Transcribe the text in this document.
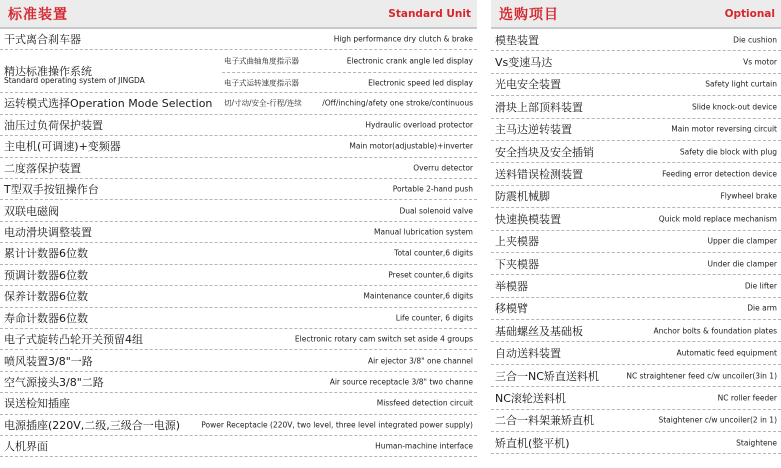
标准装置	Standard Unit
干式离合刹车器	High performance dry clutch & brake
精达标准操作系统
Standard operating system of JINGDA
电子式曲轴角度指示器	Electronic crank angle led display
电子式运转速度指示器	Electronic speed led display
运转模式选择Operation Mode Selection 切/寸动/安全-行程/连续	/Off/inching/afety one stroke/continuous
油压过负荷保护装置	Hydraulic overload protector
主电机(可调速)+变频器	Main motor(adjustable)+inverter
二度落保护装置	Overru detector
T型双手按钮操作台	Portable 2-hand push
双联电磁阀	Dual solenoid valve
电动滑块调整装置	Manual lubrication system
累计计数器6位数	Total counter,6 digits
预调计数器6位数	Preset counter,6 digits
保养计数器6位数	Maintenance counter,6 digits
寿命计数器6位数	Life counter, 6 digits
电子式旋转凸轮开关预留4组	Electronic rotary cam switch set aside 4 groups
喷风装置3/8"一路	Air ejector 3/8" one channel
空气源接头3/8"二路	Air source receptacle 3/8" two channe
误送检知插座	Missfeed detection circuit
电源插座(220V,二级,三级合一电源)	Power Receptacle (220V, two level, three level integrated power supply)
人机界面	Human-machine interface
选购项目	Optional
模垫装置	Die cushion
Vs变速马达	Vs motor
光电安全装置	Safety light curtain
滑块上部顶料装置	Slide knock-out device
主马达逆转装置	Main motor reversing circuit
安全挡块及安全插销	Safety die block with plug
送料错误检测装置	Feeding error detection device
防震机械脚	Flywheel brake
快速换模装置	Quick mold replace mechanism
上夹模器	Upper die clamper
下夹模器	Under die clamper
举模器	Die lifter
移模臂	Die arm
基础螺丝及基础板	Anchor bolts & foundation plates
自动送料装置	Automatic feed equipment
三合一NC矫直送料机	NC straightener feed c/w uncoiler(3in 1)
NC滚轮送料机	NC roller feeder
二合一料架兼矫直机	Staightener c/w uncoiler(2 in 1)
矫直机(整平机)	Staightene
